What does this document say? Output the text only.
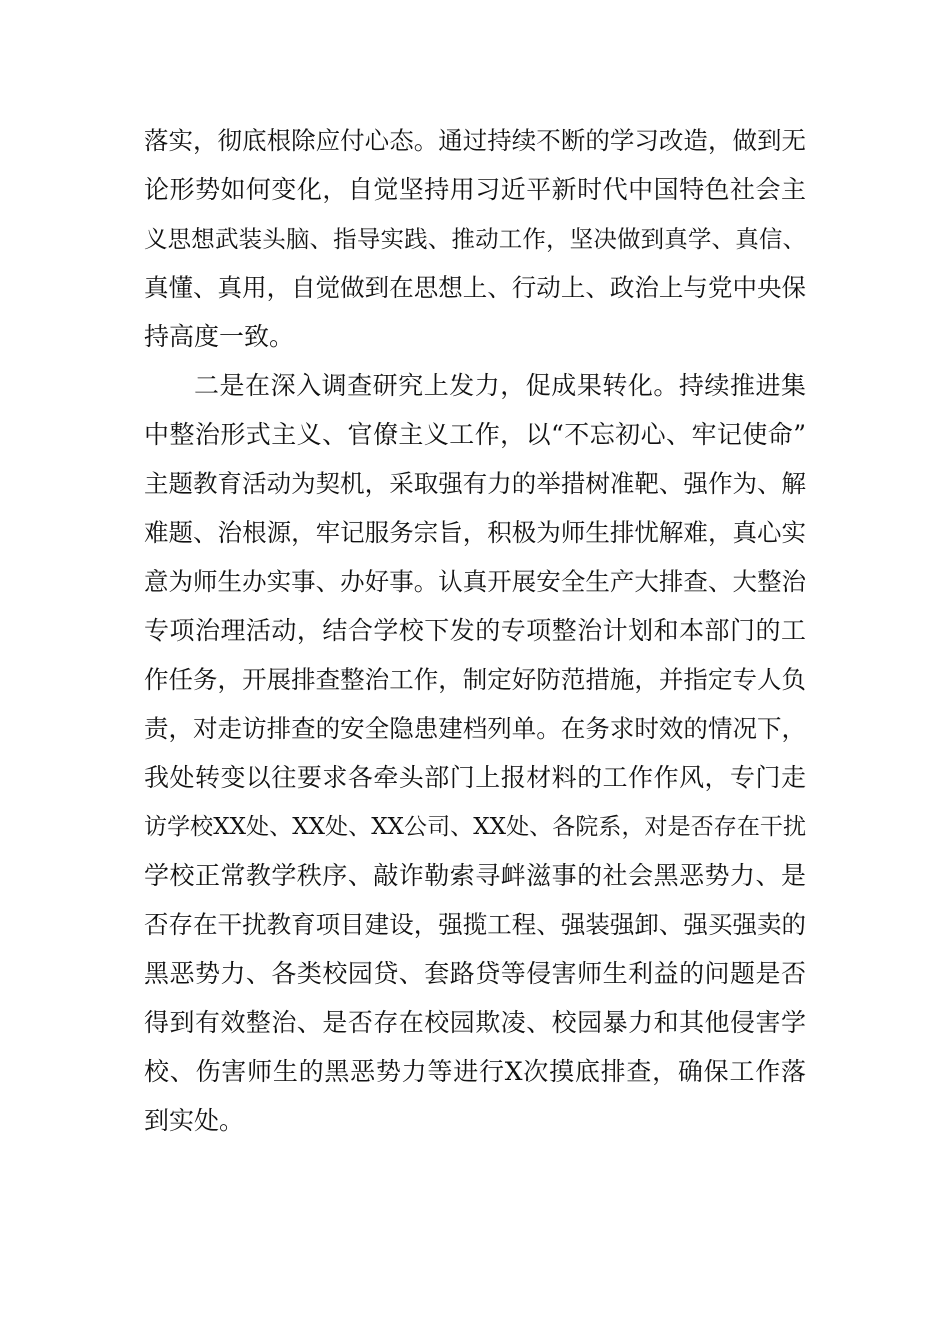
落实，彻底根除应付心态。通过持续不断的学习改造，做到无

论形势如何变化，自觉坚持用习近平新时代中国特色社会主

义思想武装头脑、指导实践、推动工作，坚决做到真学、真信、

真懂、真用，自觉做到在思想上、行动上、政治上与党中央保

持高度一致。

二是在深入调查研究上发力，促成果转化。持续推进集

中整治形式主义、官僚主义工作，以“不忘初心、牢记使命”

主题教育活动为契机，采取强有力的举措树准靶、强作为、解

难题、治根源，牢记服务宗旨，积极为师生排忧解难，真心实

意为师生办实事、办好事。认真开展安全生产大排查、大整治

专项治理活动，结合学校下发的专项整治计划和本部门的工

作任务，开展排查整治工作，制定好防范措施，并指定专人负

责，对走访排查的安全隐患建档列单。在务求时效的情况下，

我处转变以往要求各牵头部门上报材料的工作作风，专门走

访学校XX处、XX处、XX公司、XX处、各院系，对是否存在干扰

学校正常教学秩序、敲诈勒索寻衅滋事的社会黑恶势力、是

否存在干扰教育项目建设，强揽工程、强装强卸、强买强卖的

黑恶势力、各类校园贷、套路贷等侵害师生利益的问题是否

得到有效整治、是否存在校园欺凌、校园暴力和其他侵害学

校、伤害师生的黑恶势力等进行X次摸底排查，确保工作落

到实处。
